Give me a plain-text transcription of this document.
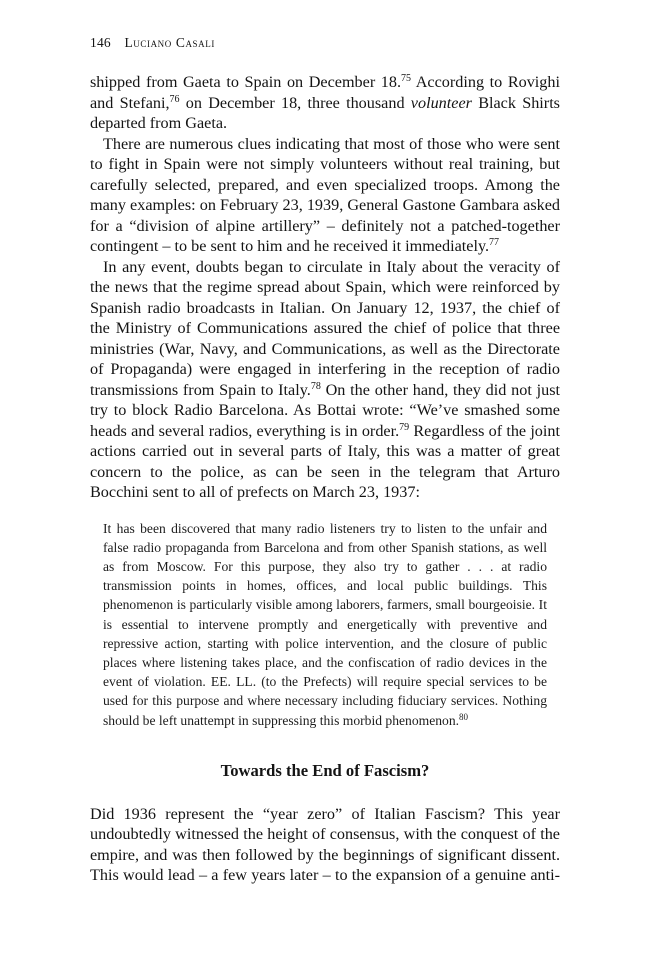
146 Luciano Casali

shipped from Gaeta to Spain on December 18.75 According to Rovighi and Stefani,$^{76}$ on December 18, three thousand volunteer Black Shirts departed from Gaeta.

There are numerous clues indicating that most of those who were sent to fight in Spain were not simply volunteers without real training, but carefully selected, prepared, and even specialized troops. Among the many examples: on February 23, 1939, General Gastone Gambara asked for a “division of alpine artillery” – definitely not a patched-together contingent – to be sent to him and he received it immediately.$^{77}$

In any event, doubts began to circulate in Italy about the veracity of the news that the regime spread about Spain, which were reinforced by Spanish radio broadcasts in Italian. On January 12, 1937, the chief of the Ministry of Communications assured the chief of police that three ministries (War, Navy, and Communications, as well as the Directorate of Propaganda) were engaged in interfering in the reception of radio transmissions from Spain to Italy.$^{78}$ On the other hand, they did not just try to block Radio Barcelona. As Bottai wrote: “We’ve smashed some heads and several radios, everything is in order.$^{79}$ Regardless of the joint actions carried out in several parts of Italy, this was a matter of great concern to the police, as can be seen in the telegram that Arturo Bocchini sent to all of prefects on March 23, 1937:

It has been discovered that many radio listeners try to listen to the unfair and false radio propaganda from Barcelona and from other Spanish stations, as well as from Moscow. For this purpose, they also try to gather . . . at radio transmission points in homes, offices, and local public buildings. This phenomenon is particularly visible among laborers, farmers, small bourgeoisie. It is essential to intervene promptly and energetically with preventive and repressive action, starting with police intervention, and the closure of public places where listening takes place, and the confiscation of radio devices in the event of violation. EE. LL. (to the Prefects) will require special services to be used for this purpose and where necessary including fiduciary services. Nothing should be left unattempt in suppressing this morbid phenomenon.$^{80}$

Towards the End of Fascism?

Did 1936 represent the “year zero” of Italian Fascism? This year undoubtedly witnessed the height of consensus, with the conquest of the empire, and was then followed by the beginnings of significant dissent. This would lead – a few years later – to the expansion of a genuine anti-
